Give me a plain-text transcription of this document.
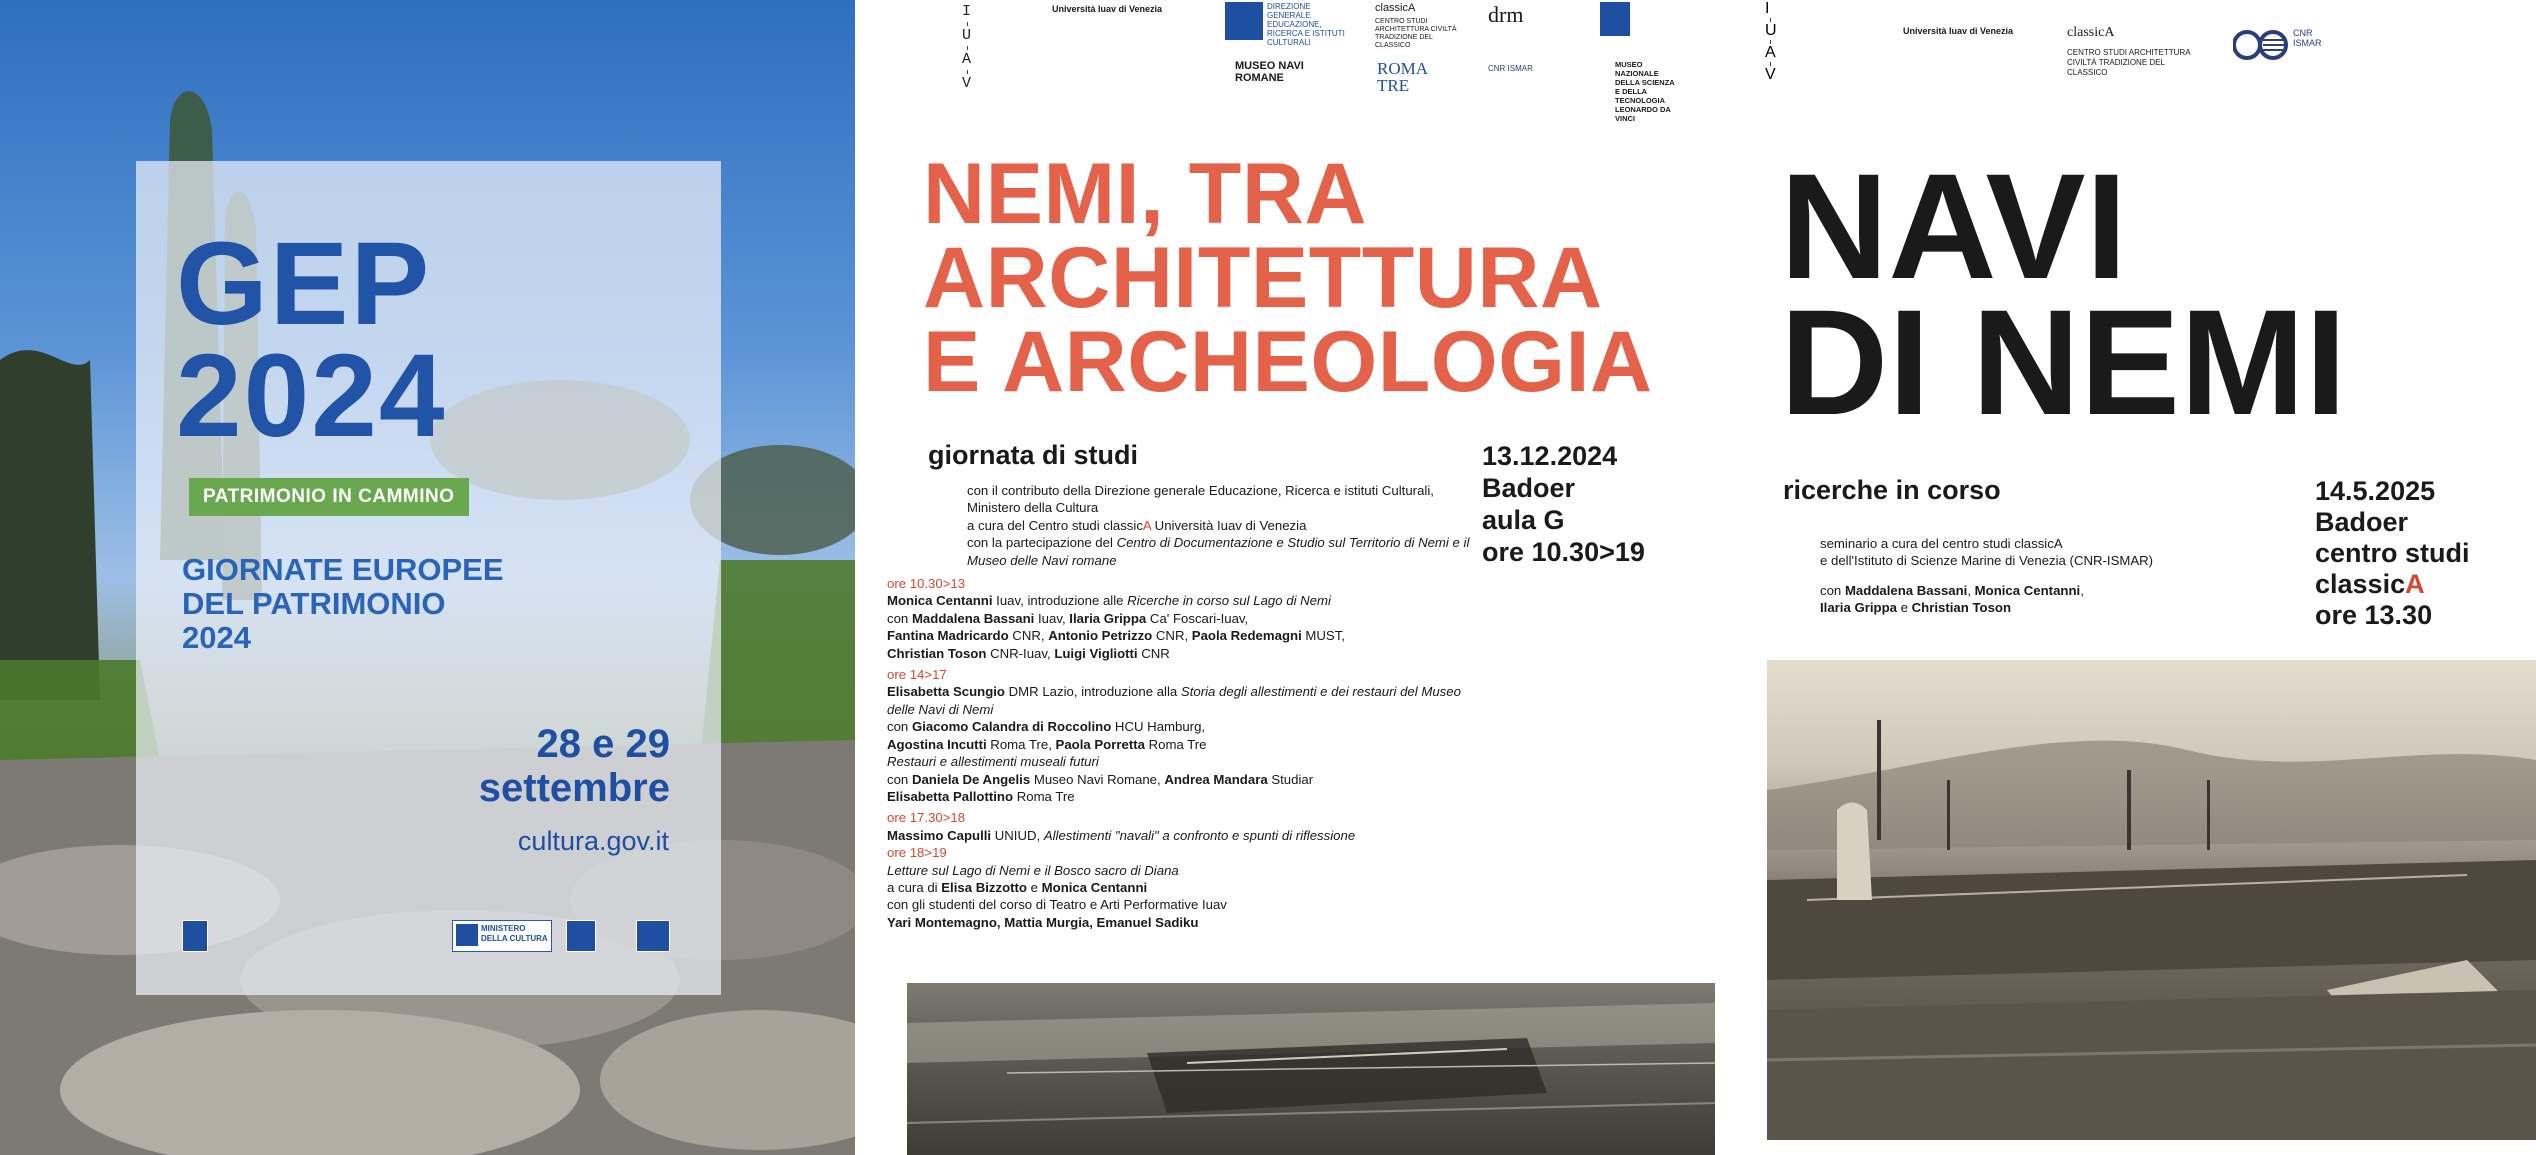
GEP
2024
PATRIMONIO IN CAMMINO
GIORNATE EUROPEE
DEL PATRIMONIO
2024
28 e 29
settembre
cultura.gov.it
MINISTERO DELLA CULTURA
I
U
A
V
Università Iuav di Venezia	DIREZIONE GENERALE EDUCAZIONE, RICERCA E ISTITUTI CULTURALI
classicA
CENTRO STUDI ARCHITETTURA CIVILTÀ TRADIZIONE DEL CLASSICO
MUSEO NAVI ROMANE	ROMA TRE
drm
CNR ISMAR	MUSEO NAZIONALE DELLA SCIENZA E DELLA TECNOLOGIA LEONARDO DA VINCI
NEMI, TRA
ARCHITETTURA
E ARCHEOLOGIA
giornata di studi	13.12.2024
Badoer
aula G
ore 10.30>19
con il contributo della Direzione generale Educazione, Ricerca e istituti Culturali, Ministero della Cultura
a cura del Centro studi classicA Università Iuav di Venezia
con la partecipazione del Centro di Documentazione e Studio sul Territorio di Nemi e il Museo delle Navi romane
ore 10.30>13
Monica Centanni Iuav, introduzione alle Ricerche in corso sul Lago di Nemi
con Maddalena Bassani Iuav, Ilaria Grippa Ca' Foscari-Iuav,
Fantina Madricardo CNR, Antonio Petrizzo CNR, Paola Redemagni MUST,
Christian Toson CNR-Iuav, Luigi Vigliotti CNR
ore 14>17
Elisabetta Scungio DMR Lazio, introduzione alla Storia degli allestimenti e dei restauri del Museo delle Navi di Nemi
con Giacomo Calandra di Roccolino HCU Hamburg,
Agostina Incutti Roma Tre, Paola Porretta Roma Tre
Restauri e allestimenti museali futuri
con Daniela De Angelis Museo Navi Romane, Andrea Mandara Studiar
Elisabetta Pallottino Roma Tre
ore 17.30>18
Massimo Capulli UNIUD, Allestimenti "navali" a confronto e spunti di riflessione
ore 18>19
Letture sul Lago di Nemi e il Bosco sacro di Diana
a cura di Elisa Bizzotto e Monica Centanni
con gli studenti del corso di Teatro e Arti Performative Iuav
Yari Montemagno, Mattia Murgia, Emanuel Sadiku
I
U
A
V
Università Iuav di Venezia	classicA
CENTRO STUDI ARCHITETTURA CIVILTÀ TRADIZIONE DEL CLASSICO
CNR ISMAR
NAVI
DI NEMI
ricerche in corso	14.5.2025
Badoer
centro studi
classicA
ore 13.30
seminario a cura del centro studi classicA
e dell'Istituto di Scienze Marine di Venezia (CNR-ISMAR)
con Maddalena Bassani, Monica Centanni,
Ilaria Grippa e Christian Toson
